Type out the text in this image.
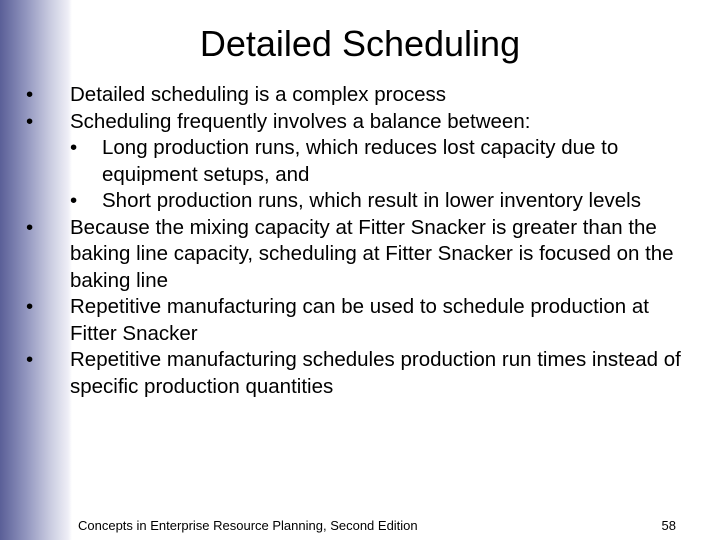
Detailed Scheduling
• Detailed scheduling is a complex process
• Scheduling frequently involves a balance between:
• Long production runs, which reduces lost capacity due to equipment setups, and
• Short production runs, which result in lower inventory levels
• Because the mixing capacity at Fitter Snacker is greater than the baking line capacity, scheduling at Fitter Snacker is focused on the baking line
• Repetitive manufacturing can be used to schedule production at Fitter Snacker
• Repetitive manufacturing schedules production run times instead of specific production quantities
Concepts in Enterprise Resource Planning, Second Edition	58
